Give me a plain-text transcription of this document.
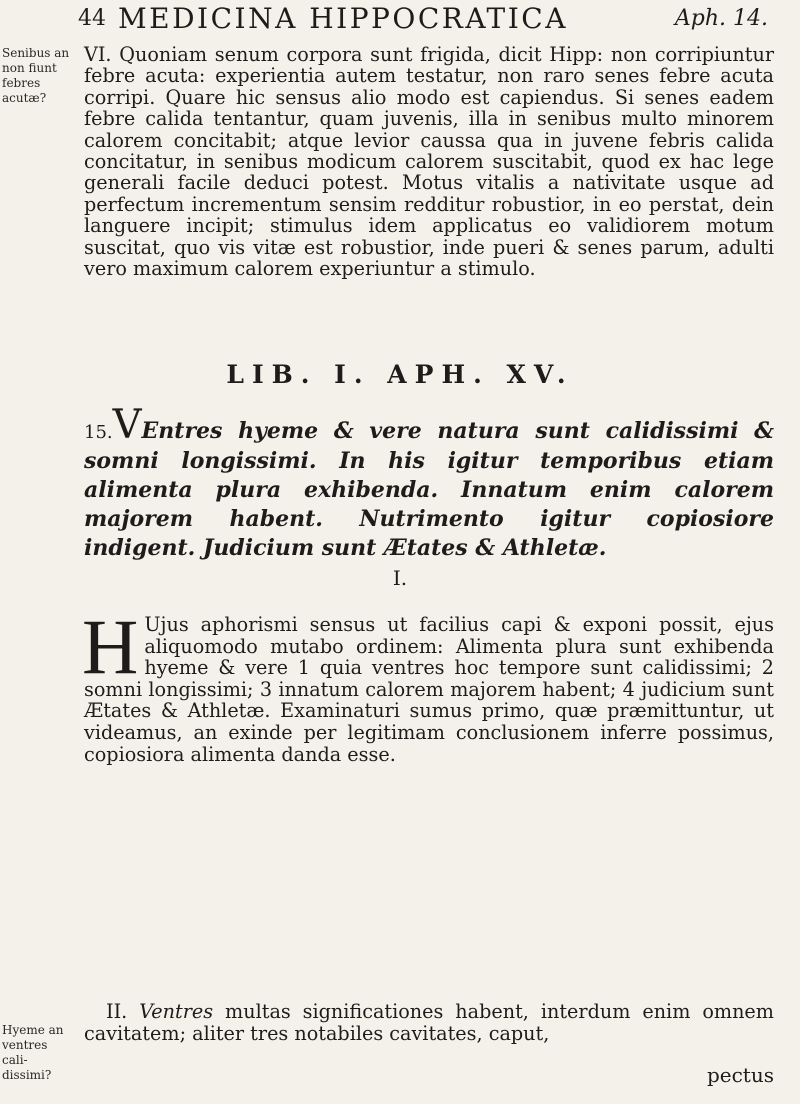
44 MEDICINA HIPPOCRATICA	Aph. 14.
Senibus an non fiunt febres acutæ?
Hyeme an ventres cali- dissimi?

VI. Quoniam senum corpora sunt frigida, dicit Hipp: non corripiuntur febre acuta: experientia autem testatur, non raro senes febre acuta corripi. Quare hic sensus alio modo est capiendus. Si senes eadem febre calida tentantur, quam juvenis, illa in senibus multo minorem calorem concitabit; atque levior caussa qua in juvene febris calida concitatur, in senibus modicum calorem suscitabit, quod ex hac lege generali facile deduci potest. Motus vitalis a nativitate usque ad perfectum incrementum sensim redditur robustior, in eo perstat, dein languere incipit; stimulus idem applicatus eo validiorem motum suscitat, quo vis vitæ est robustior, inde pueri & senes parum, adulti vero maximum calorem experiuntur a stimulo.

LIB. I. APH. XV.

15.VEntres hyeme & vere natura sunt calidissimi & somni longissimi. In his igitur temporibus etiam alimenta plura exhibenda. Innatum enim calorem majorem habent. Nutrimento igitur copiosiore indigent. Judicium sunt Ætates & Athletæ.

I.

H Ujus aphorismi sensus ut facilius capi & exponi possit, ejus aliquomodo mutabo ordinem: Alimenta plura sunt exhibenda hyeme & vere 1 quia ventres hoc tempore sunt calidissimi; 2 somni longissimi; 3 innatum calorem majorem habent; 4 judicium sunt Ætates & Athletæ. Examinaturi sumus primo, quæ præmittuntur, ut videamus, an exinde per legitimam conclusionem inferre possimus, copiosiora alimenta danda esse.

II. Ventres multas significationes habent, interdum enim omnem cavitatem; aliter tres notabiles cavitates, caput,

pectus
